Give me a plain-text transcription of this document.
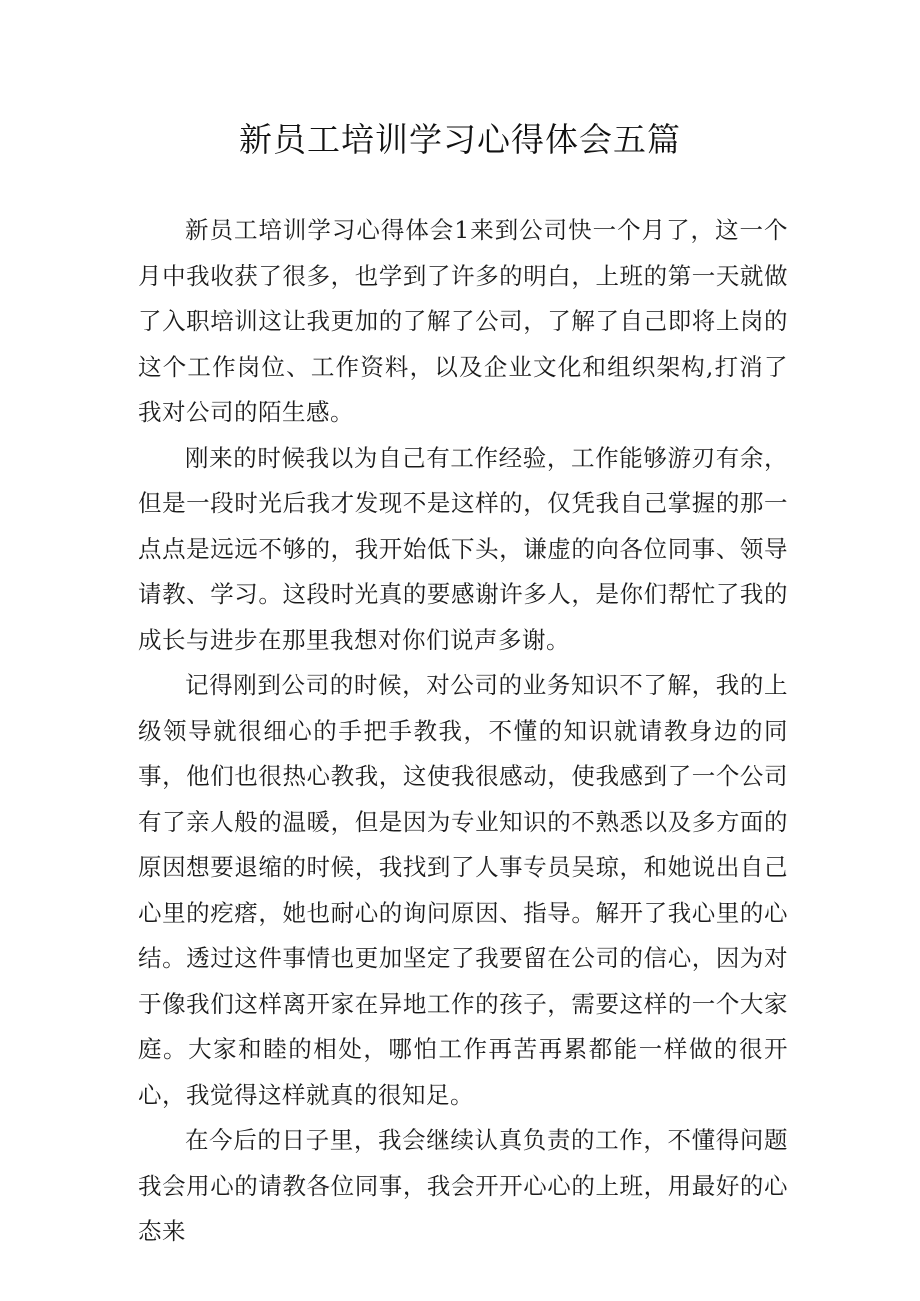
新员工培训学习心得体会五篇

新员工培训学习心得体会1来到公司快一个月了，这一个月中我收获了很多，也学到了许多的明白，上班的第一天就做了入职培训这让我更加的了解了公司，了解了自己即将上岗的这个工作岗位、工作资料，以及企业文化和组织架构,打消了我对公司的陌生感。

刚来的时候我以为自己有工作经验，工作能够游刃有余，但是一段时光后我才发现不是这样的，仅凭我自己掌握的那一点点是远远不够的，我开始低下头，谦虚的向各位同事、领导请教、学习。这段时光真的要感谢许多人，是你们帮忙了我的成长与进步在那里我想对你们说声多谢。

记得刚到公司的时候，对公司的业务知识不了解，我的上级领导就很细心的手把手教我，不懂的知识就请教身边的同事，他们也很热心教我，这使我很感动，使我感到了一个公司有了亲人般的温暖，但是因为专业知识的不熟悉以及多方面的原因想要退缩的时候，我找到了人事专员吴琼，和她说出自己心里的疙瘩，她也耐心的询问原因、指导。解开了我心里的心结。透过这件事情也更加坚定了我要留在公司的信心，因为对于像我们这样离开家在异地工作的孩子，需要这样的一个大家庭。大家和睦的相处，哪怕工作再苦再累都能一样做的很开心，我觉得这样就真的很知足。

在今后的日子里，我会继续认真负责的工作，不懂得问题我会用心的请教各位同事，我会开开心心的上班，用最好的心态来
